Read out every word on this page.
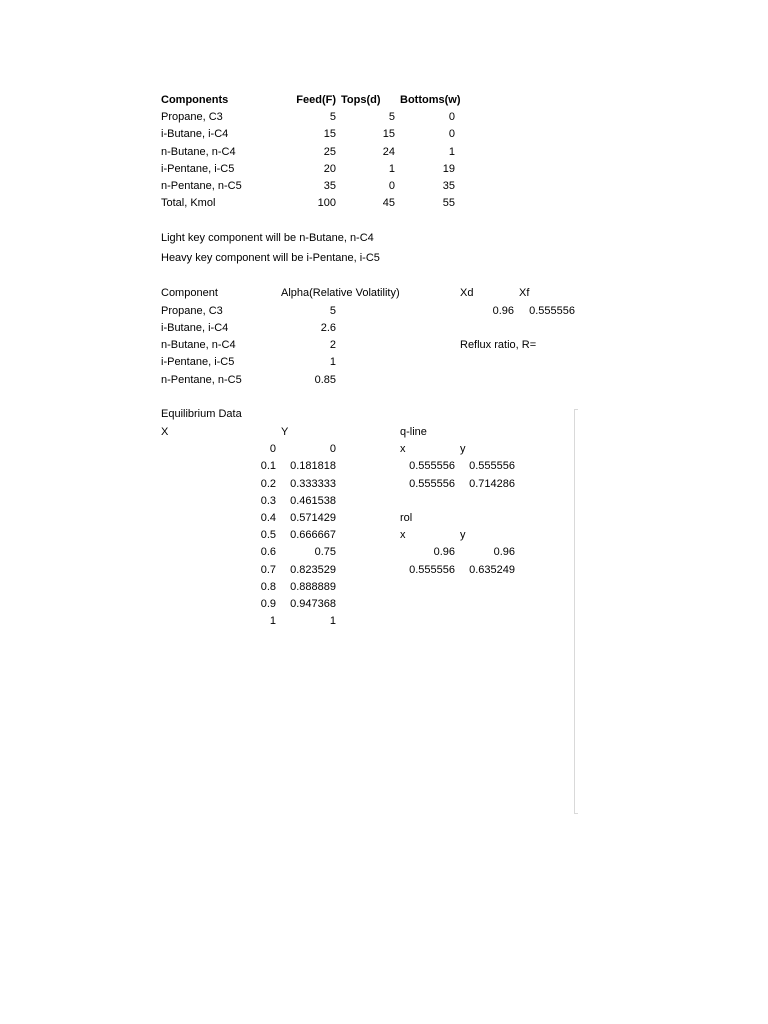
Components	Feed(F) Tops(d) Bottoms(w)
Propane, C3	5	5	0
i-Butane, i-C4	15	15	0
n-Butane, n-C4	25	24	1
i-Pentane, i-C5	20	1	19
n-Pentane, n-C5	35	0	35
Total, Kmol	100	45	55
Light key component will be n-Butane, n-C4
Heavy key component will be i-Pentane, i-C5
Component	Alpha(Relative Volatility)
Propane, C3	5
i-Butane, i-C4	2.6
n-Butane, n-C4	2
i-Pentane, i-C5	1
n-Pentane, n-C5	0.85
Xd	Xf
0.96	0.555556
Reflux ratio, R=
Equilibrium Data
X	Y
0	0
0.1	0.181818
0.2	0.333333
0.3	0.461538
0.4	0.571429
0.5	0.666667
0.6	0.75
0.7	0.823529
0.8	0.888889
0.9	0.947368
1	1
q-line
x	y
0.555556	0.555556
0.555556	0.714286
rol
x	y
0.96	0.96
0.555556	0.635249
